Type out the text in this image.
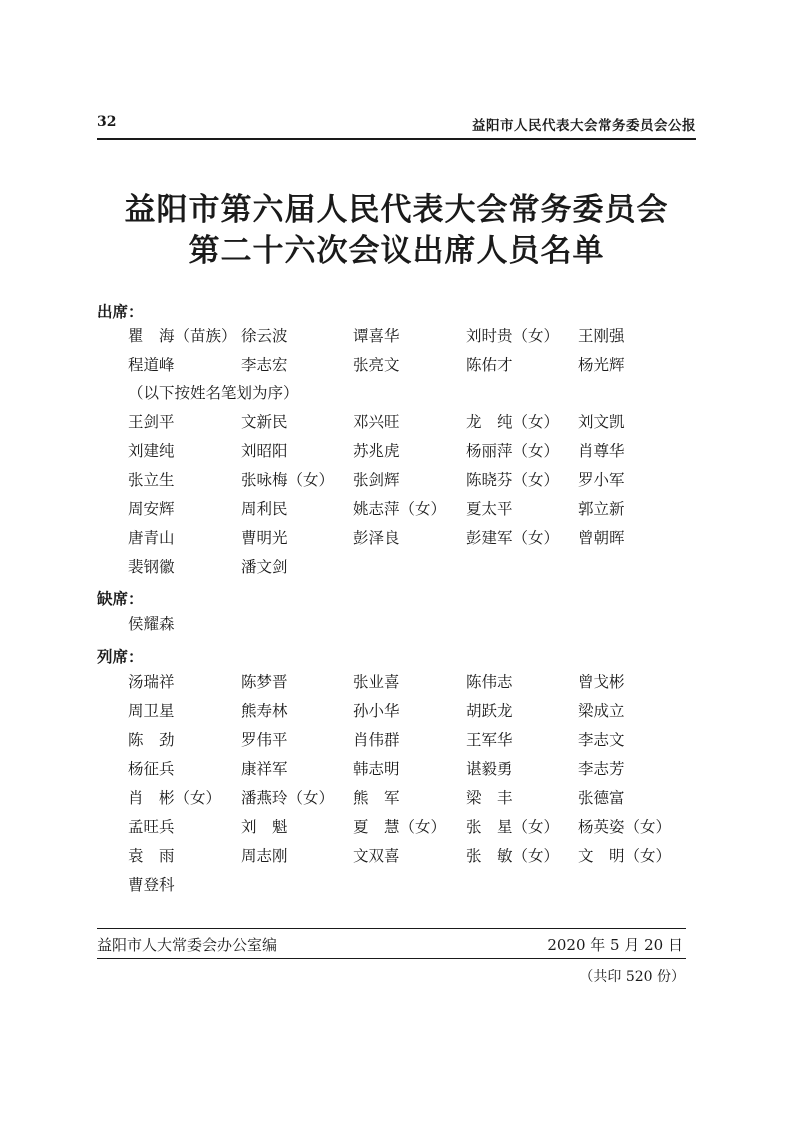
32	益阳市人民代表大会常务委员会公报
益阳市第六届人民代表大会常务委员会
第二十六次会议出席人员名单
出席：
瞿　海（苗族） 徐云波	谭喜华	刘时贵（女） 王刚强
程道峰	李志宏	张亮文	陈佑才	杨光辉
（以下按姓名笔划为序）
王剑平	文新民	邓兴旺	龙　纯（女） 刘文凯
刘建纯	刘昭阳	苏兆虎	杨丽萍（女） 肖尊华
张立生	张咏梅（女） 张剑辉	陈晓芬（女） 罗小军
周安辉	周利民	姚志萍（女） 夏太平	郭立新
唐青山	曹明光	彭泽良	彭建军（女） 曾朝晖
裴钢徽	潘文剑
缺席：
侯耀森
列席：
汤瑞祥	陈梦晋	张业喜	陈伟志	曾戈彬
周卫星	熊寿林	孙小华	胡跃龙	梁成立
陈　劲	罗伟平	肖伟群	王军华	李志文
杨征兵	康祥军	韩志明	谌毅勇	李志芳
肖　彬（女） 潘燕玲（女） 熊　军	梁　丰	张德富
孟旺兵	刘　魁	夏　慧（女） 张　星（女） 杨英姿（女）
袁　雨	周志刚	文双喜	张　敏（女） 文　明（女）
曹登科
益阳市人大常委会办公室编	2020 年 5 月 20 日
（共印 520 份）
